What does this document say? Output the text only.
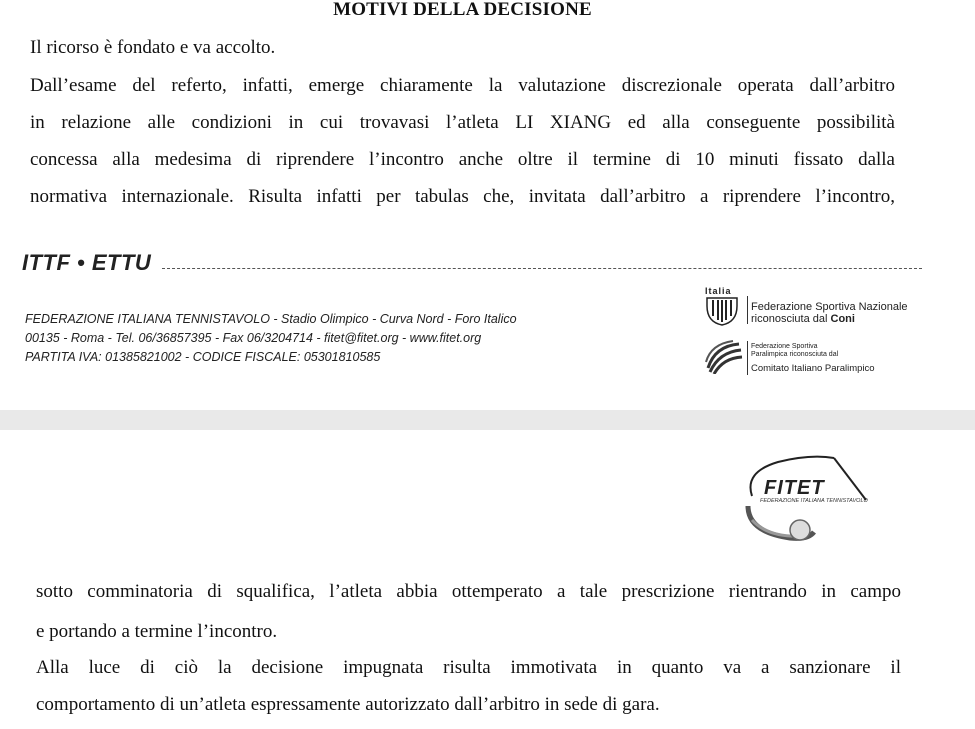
MOTIVI DELLA DECISIONE
Il ricorso è fondato e va accolto.
Dall’esame del referto, infatti, emerge chiaramente la valutazione discrezionale operata dall’arbitro
in relazione alle condizioni in cui trovavasi l’atleta LI XIANG ed alla conseguente possibilità
concessa alla medesima di riprendere l’incontro anche oltre il termine di 10 minuti fissato dalla
normativa internazionale. Risulta infatti per tabulas che, invitata dall’arbitro a riprendere l’incontro,
ITTF • ETTU
FEDERAZIONE ITALIANA TENNISTAVOLO - Stadio Olimpico - Curva Nord - Foro Italico
00135 - Roma - Tel. 06/36857395 - Fax 06/3204714 - fitet@fitet.org - www.fitet.org
PARTITA IVA: 01385821002 - CODICE FISCALE: 05301810585
Italia
Federazione Sportiva Nazionale
riconosciuta dal Coni
Federazione Sportiva
Paralimpica riconosciuta dal
Comitato Italiano Paralimpico
FITET
FEDERAZIONE ITALIANA TENNISTAVOLO
sotto comminatoria di squalifica, l’atleta abbia ottemperato a tale prescrizione rientrando in campo
e portando a termine l’incontro.
Alla luce di ciò la decisione impugnata risulta immotivata in quanto va a sanzionare il
comportamento di un’atleta espressamente autorizzato dall’arbitro in sede di gara.
